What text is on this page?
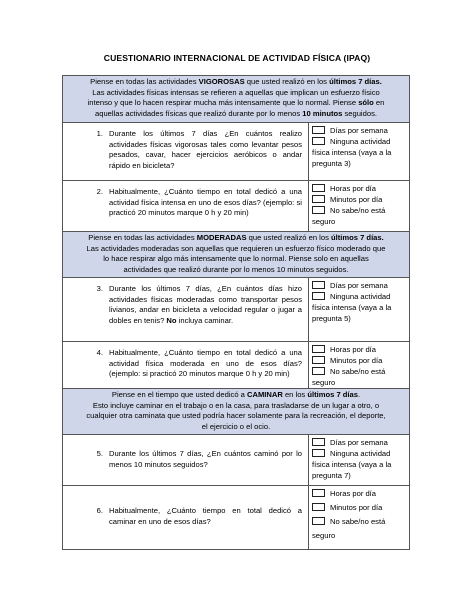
CUESTIONARIO INTERNACIONAL DE ACTIVIDAD FÍSICA (IPAQ)
Piense en todas las actividades VIGOROSAS que usted realizó en los últimos 7 días.
Las actividades físicas intensas se refieren a aquellas que implican un esfuerzo físico
intenso y que lo hacen respirar mucha más intensamente que lo normal. Piense sólo en
aquellas actividades físicas que realizó durante por lo menos 10 minutos seguidos.
1. Durante los últimos 7 días ¿En cuántos realizo actividades físicas vigorosas tales como levantar pesos pesados, cavar, hacer ejercicios aeróbicos o andar rápido en bicicleta?
Días por semana
Ninguna actividad
física intensa (vaya a la pregunta 3)
2. Habitualmente, ¿Cuánto tiempo en total dedicó a una actividad física intensa en uno de esos días? (ejemplo: si practicó 20 minutos marque 0 h y 20 min)
Horas por día
Minutos por día
No sabe/no está
seguro
Piense en todas las actividades MODERADAS que usted realizó en los últimos 7 días.
Las actividades moderadas son aquellas que requieren un esfuerzo físico moderado que
lo hace respirar algo más intensamente que lo normal. Piense solo en aquellas
actividades que realizó durante por lo menos 10 minutos seguidos.
3. Durante los últimos 7 días, ¿En cuántos días hizo actividades físicas moderadas como transportar pesos livianos, andar en bicicleta a velocidad regular o jugar a dobles en tenis? No incluya caminar.
Días por semana
Ninguna actividad
física intensa (vaya a la pregunta 5)
4. Habitualmente, ¿Cuánto tiempo en total dedicó a una actividad física moderada en uno de esos días? (ejemplo: si practicó 20 minutos marque 0 h y 20 min)
Horas por día
Minutos por día
No sabe/no está
seguro
Piense en el tiempo que usted dedicó a CAMINAR en los últimos 7 días.
Esto incluye caminar en el trabajo o en la casa, para trasladarse de un lugar a otro, o
cualquier otra caminata que usted podría hacer solamente para la recreación, el deporte,
el ejercicio o el ocio.
5. Durante los últimos 7 días, ¿En cuántos caminó por lo menos 10 minutos seguidos?
Días por semana
Ninguna actividad
física intensa (vaya a la pregunta 7)
6. Habitualmente, ¿Cuánto tiempo en total dedicó a caminar en uno de esos días?
Horas por día
Minutos por día
No sabe/no está
seguro
